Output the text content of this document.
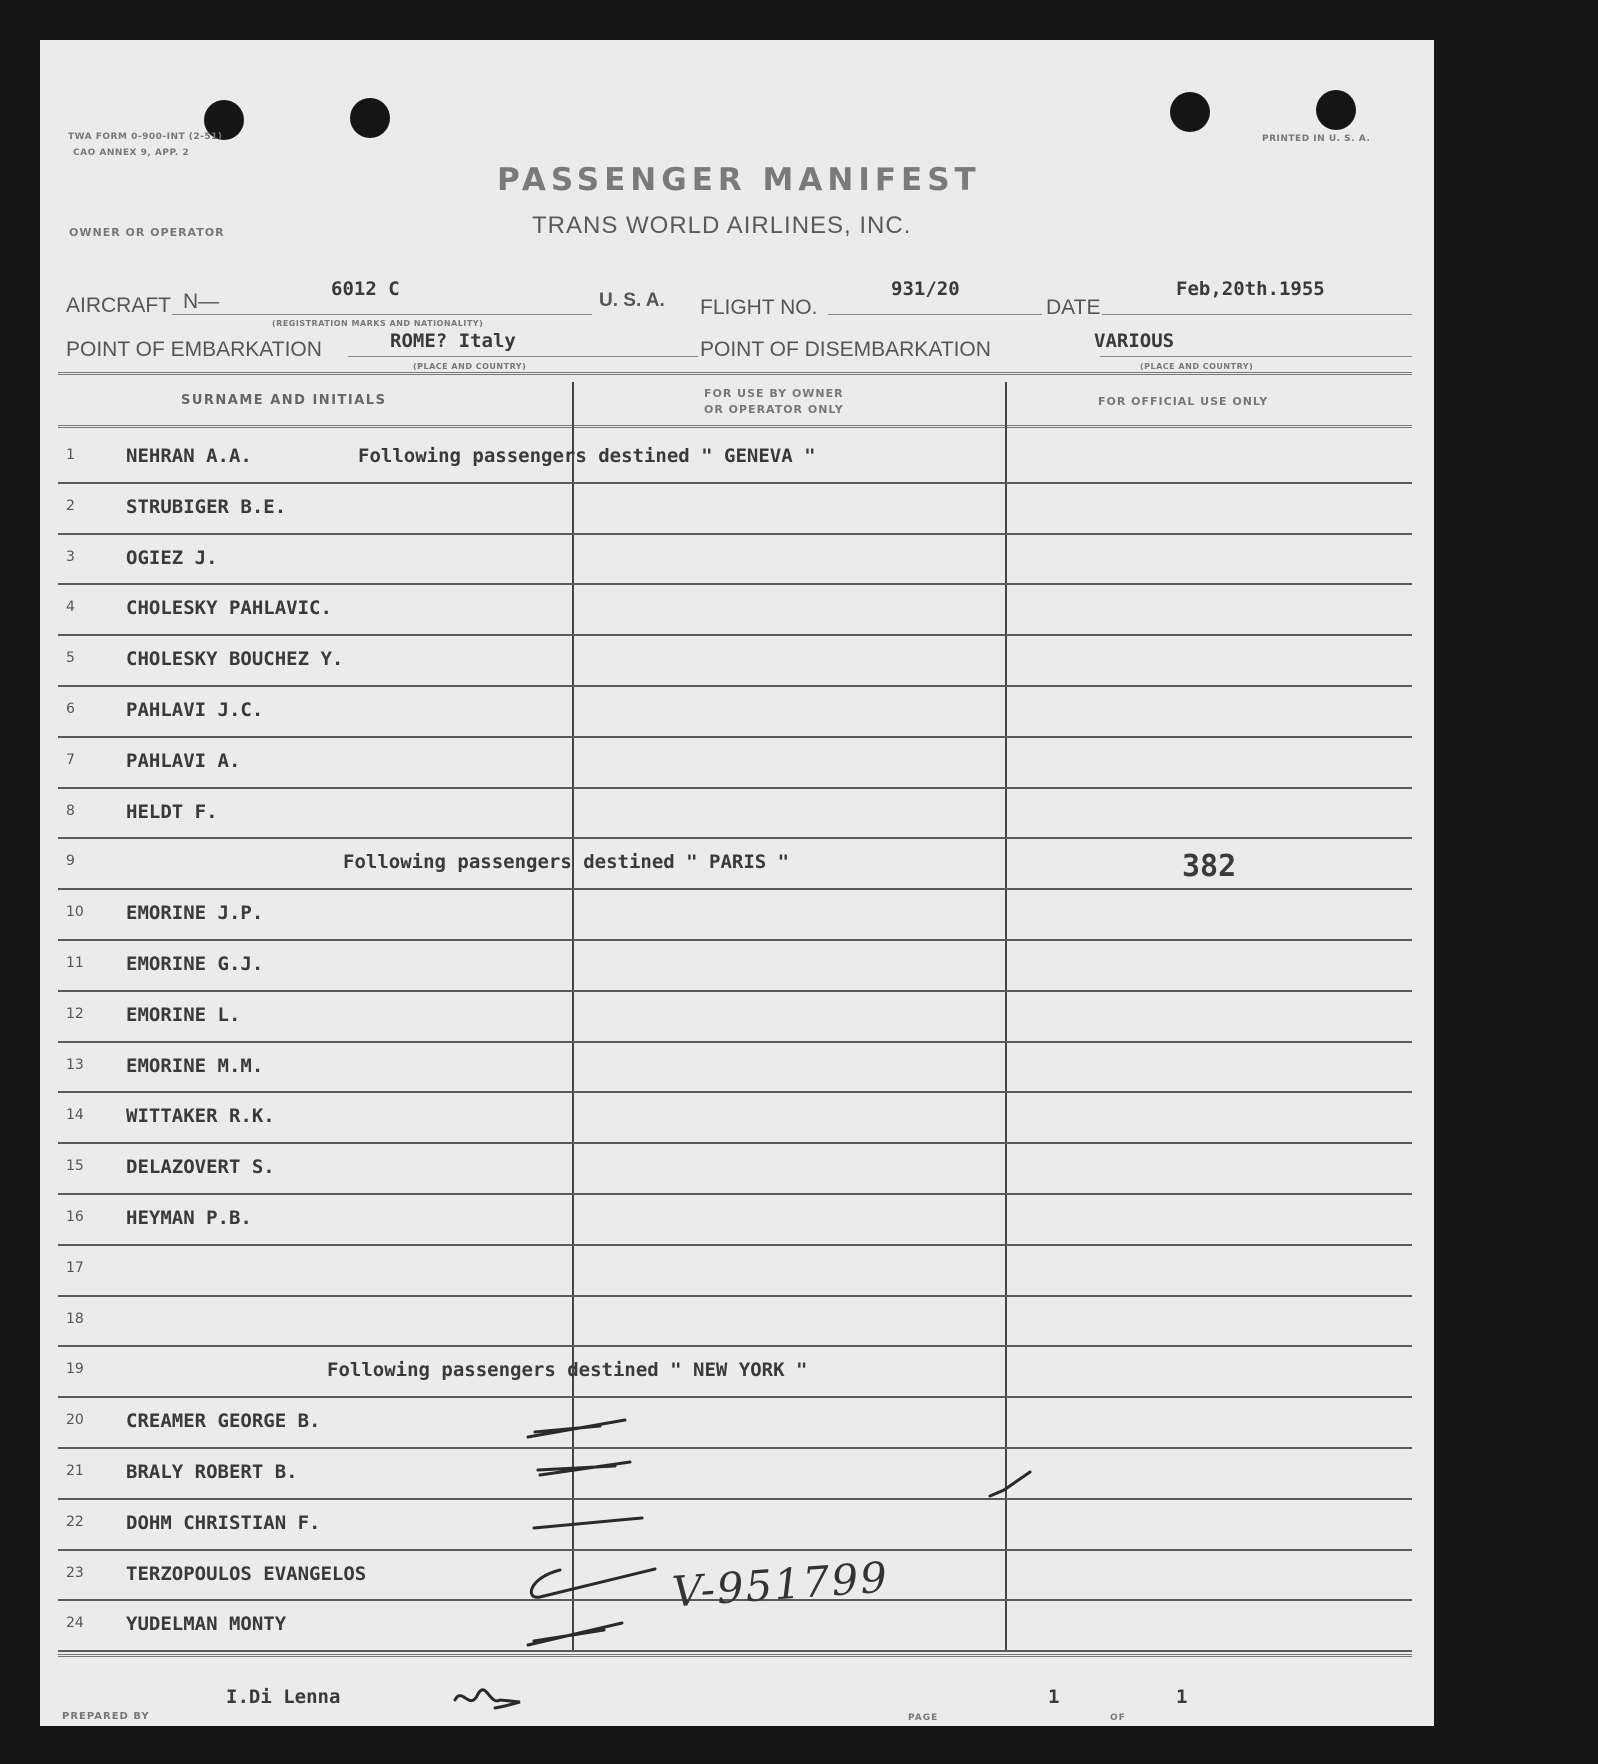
TWA FORM 0-900-INT (2-51)
CAO ANNEX 9, APP. 2
PRINTED IN U. S. A.
OWNER OR OPERATOR
PASSENGER MANIFEST
TRANS WORLD AIRLINES, INC.
AIRCRAFT N—
6012 C
(REGISTRATION MARKS AND NATIONALITY)
U. S. A. FLIGHT NO.
931/20
DATE
Feb,20th.1955
POINT OF EMBARKATION	ROME? Italy
(PLACE AND COUNTRY)
POINT OF DISEMBARKATION	VARIOUS
(PLACE AND COUNTRY)
SURNAME AND INITIALS	FOR USE BY OWNER
OR OPERATOR ONLY
FOR OFFICIAL USE ONLY
1	NEHRAN A.A.	Following passengers destined " GENEVA "
2	STRUBIGER B.E.
3	OGIEZ J.
4	CHOLESKY PAHLAVIC.
5	CHOLESKY BOUCHEZ Y.
6	PAHLAVI J.C.
7	PAHLAVI A.
8	HELDT F.
9	Following passengers destined " PARIS "	382
10 EMORINE J.P.
11 EMORINE G.J.
12 EMORINE L.
13 EMORINE M.M.
14 WITTAKER R.K.
15 DELAZOVERT S.
16 HEYMAN P.B.
17
18
19	Following passengers destined " NEW YORK "
20 CREAMER GEORGE B.
21 BRALY ROBERT B.
22 DOHM CHRISTIAN F.
23 TERZOPOULOS EVANGELOS
24 YUDELMAN MONTY
V-951799
PREPARED BY
I.Di Lenna
PAGE
1
OF
1
